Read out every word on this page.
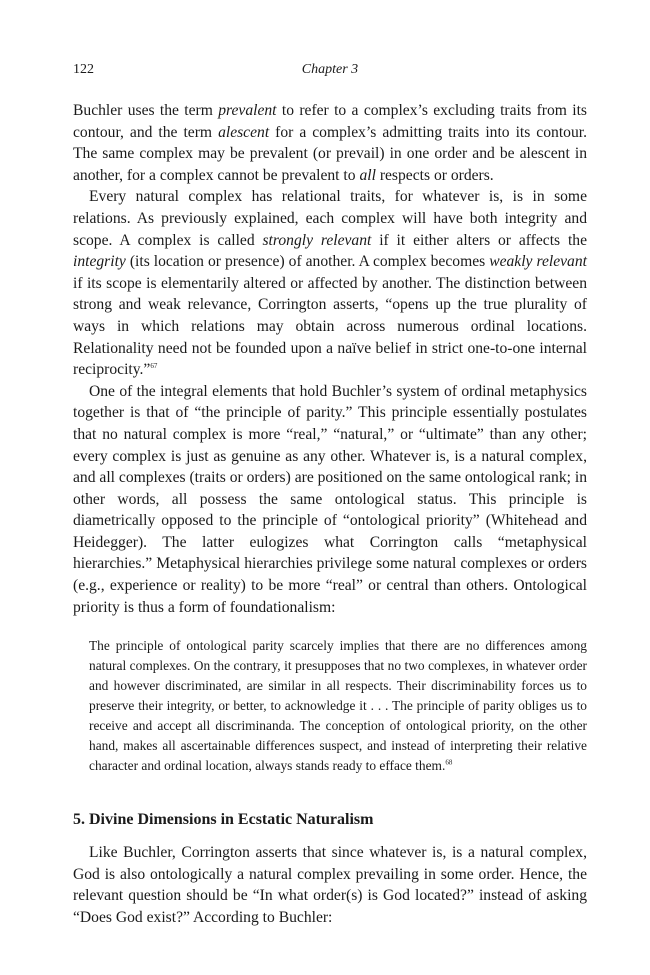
122	Chapter 3

Buchler uses the term prevalent to refer to a complex’s excluding traits from its contour, and the term alescent for a complex’s admitting traits into its contour. The same complex may be prevalent (or prevail) in one order and be alescent in another, for a complex cannot be prevalent to all respects or orders.

Every natural complex has relational traits, for whatever is, is in some relations. As previously explained, each complex will have both integrity and scope. A complex is called strongly relevant if it either alters or affects the integrity (its location or presence) of another. A complex becomes weakly relevant if its scope is elementarily altered or affected by another. The distinction between strong and weak relevance, Corrington asserts, “opens up the true plurality of ways in which relations may obtain across numerous ordinal locations. Relationality need not be founded upon a naïve belief in strict one-to-one internal reciprocity.”$^{67}$

One of the integral elements that hold Buchler’s system of ordinal metaphysics together is that of “the principle of parity.” This principle essentially postulates that no natural complex is more “real,” “natural,” or “ultimate” than any other; every complex is just as genuine as any other. Whatever is, is a natural complex, and all complexes (traits or orders) are positioned on the same ontological rank; in other words, all possess the same ontological status. This principle is diametrically opposed to the principle of “ontological priority” (Whitehead and Heidegger). The latter eulogizes what Corrington calls “metaphysical hierarchies.” Metaphysical hierarchies privilege some natural complexes or orders (e.g., experience or reality) to be more “real” or central than others. Ontological priority is thus a form of foundationalism:

The principle of ontological parity scarcely implies that there are no differences among natural complexes. On the contrary, it presupposes that no two complexes, in whatever order and however discriminated, are similar in all respects. Their discriminability forces us to preserve their integrity, or better, to acknowledge it . . . The principle of parity obliges us to receive and accept all discriminanda. The conception of ontological priority, on the other hand, makes all ascertainable differences suspect, and instead of interpreting their relative character and ordinal location, always stands ready to efface them.$^{68}$
5. Divine Dimensions in Ecstatic Naturalism

Like Buchler, Corrington asserts that since whatever is, is a natural complex, God is also ontologically a natural complex prevailing in some order. Hence, the relevant question should be “In what order(s) is God located?” instead of asking “Does God exist?” According to Buchler:
